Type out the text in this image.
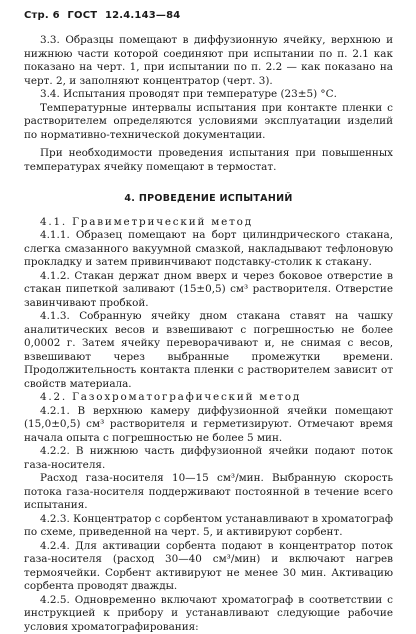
Стр. 6 ГОСТ 12.4.143—84

3.3. Образцы помещают в диффузионную ячейку, верхнюю и нижнюю части которой соединяют при испытании по п. 2.1 как показано на черт. 1, при испытании по п. 2.2 — как показано на черт. 2, и заполняют концентратор (черт. 3).

3.4. Испытания проводят при температуре (23±5) °С.

Температурные интервалы испытания при контакте пленки с растворителем определяются условиями эксплуатации изделий по нормативно-технической документации.

При необходимости проведения испытания при повышенных температурах ячейку помещают в термостат.

4. ПРОВЕДЕНИЕ ИСПЫТАНИЙ

4.1. Гравиметрический метод

4.1.1. Образец помещают на борт цилиндрического стакана, слегка смазанного вакуумной смазкой, накладывают тефлоновую прокладку и затем привинчивают подставку-столик к стакану.

4.1.2. Стакан держат дном вверх и через боковое отверстие в стакан пипеткой заливают (15±0,5) см³ растворителя. Отверстие завинчивают пробкой.

4.1.3. Собранную ячейку дном стакана ставят на чашку аналитических весов и взвешивают с погрешностью не более 0,0002 г. Затем ячейку переворачивают и, не снимая с весов, взвешивают через выбранные промежутки времени. Продолжительность контакта пленки с растворителем зависит от свойств материала.

4.2. Газохроматографический метод

4.2.1. В верхнюю камеру диффузионной ячейки помещают (15,0±0,5) см³ растворителя и герметизируют. Отмечают время начала опыта с погрешностью не более 5 мин.

4.2.2. В нижнюю часть диффузионной ячейки подают поток газа-носителя.

Расход газа-носителя 10—15 см³/мин. Выбранную скорость потока газа-носителя поддерживают постоянной в течение всего испытания.

4.2.3. Концентратор с сорбентом устанавливают в хроматограф по схеме, приведенной на черт. 5, и активируют сорбент.

4.2.4. Для активации сорбента подают в концентратор поток газа-носителя (расход 30—40 см³/мин) и включают нагрев термоячейки. Сорбент активируют не менее 30 мин. Активацию сорбента проводят дважды.

4.2.5. Одновременно включают хроматограф в соответствии с инструкцией к прибору и устанавливают следующие рабочие условия хроматографирования:
